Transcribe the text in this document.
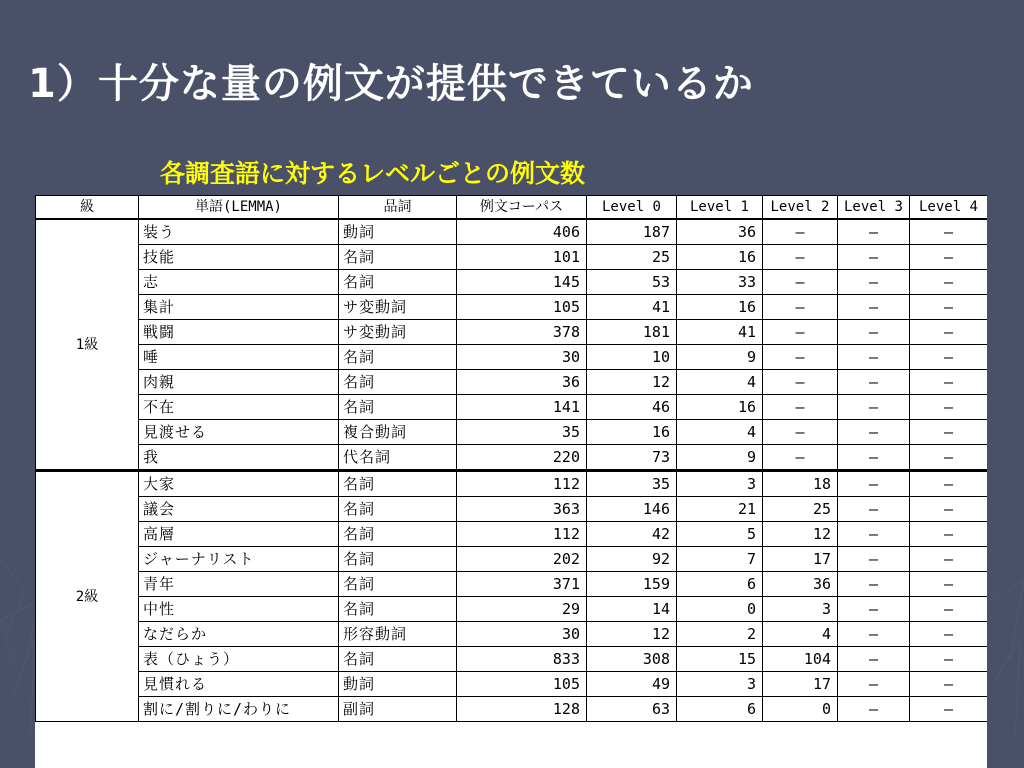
1）十分な量の例文が提供できているか
各調査語に対するレベルごとの例文数
級	単語(LEMMA)	品詞	例文コーパス	Level 0	Level 1	Level 2	Level 3	Level 4
1級	装う	動詞	406	187	36	—	—	—
	技能	名詞	101	25	16	—	—	—
	志	名詞	145	53	33	—	—	—
	集計	サ変動詞	105	41	16	—	—	—
	戦闘	サ変動詞	378	181	41	—	—	—
	唾	名詞	30	10	9	—	—	—
	肉親	名詞	36	12	4	—	—	—
	不在	名詞	141	46	16	—	—	—
	見渡せる	複合動詞	35	16	4	—	—	—
	我	代名詞	220	73	9	—	—	—
2級	大家	名詞	112	35	3	18	—	—
	議会	名詞	363	146	21	25	—	—
	高層	名詞	112	42	5	12	—	—
	ジャーナリスト	名詞	202	92	7	17	—	—
	青年	名詞	371	159	6	36	—	—
	中性	名詞	29	14	0	3	—	—
	なだらか	形容動詞	30	12	2	4	—	—
	表（ひょう）	名詞	833	308	15	104	—	—
	見慣れる	動詞	105	49	3	17	—	—
	割に/割りに/わりに	副詞	128	63	6	0	—	—
